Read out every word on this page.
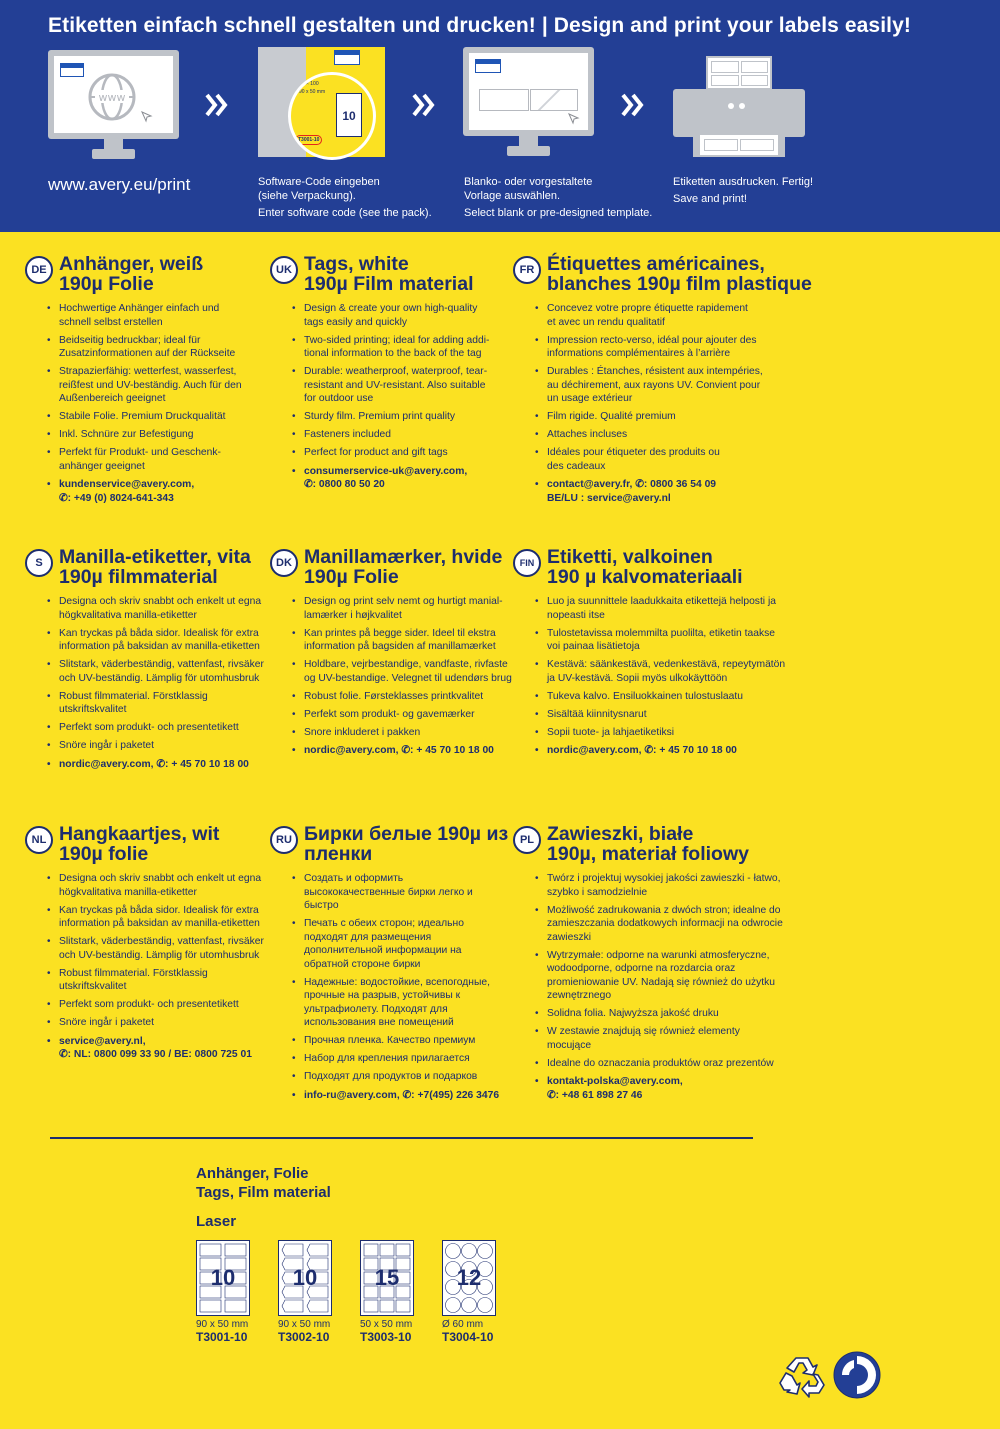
Etiketten einfach schnell gestalten und drucken! | Design and print your labels easily!
www
www.avery.eu/print
10 × 100
90 x 50 mm
10
T3001-10
Software-Code eingeben
(siehe Verpackung).
Enter software code (see the pack).
Blanko- oder vorgestaltete
Vorlage auswählen.
Select blank or pre-designed template.
Etiketten ausdrucken. Fertig!
Save and print!
DE Anhänger, weiß
190µ Folie
• Hochwertige Anhänger einfach und
schnell selbst erstellen
• Beidseitig bedruckbar; ideal für
Zusatzinformationen auf der Rückseite
• Strapazierfähig: wetterfest, wasserfest,
reißfest und UV-beständig. Auch für den
Außenbereich geeignet
• Stabile Folie. Premium Druckqualität
• Inkl. Schnüre zur Befestigung
• Perfekt für Produkt- und Geschenk-
anhänger geeignet
• kundenservice@avery.com,
✆: +49 (0) 8024-641-343
UK Tags, white
190µ Film material
• Design & create your own high-quality
tags easily and quickly
• Two-sided printing; ideal for adding addi-
tional information to the back of the tag
• Durable: weatherproof, waterproof, tear-
resistant and UV-resistant. Also suitable
for outdoor use
• Sturdy film. Premium print quality
• Fasteners included
• Perfect for product and gift tags
• consumerservice-uk@avery.com,
✆: 0800 80 50 20
FR Étiquettes américaines,
blanches 190µ film plastique
• Concevez votre propre étiquette rapidement
et avec un rendu qualitatif
• Impression recto-verso, idéal pour ajouter des
informations complémentaires à l’arrière
• Durables : Étanches, résistent aux intempéries,
au déchirement, aux rayons UV. Convient pour
un usage extérieur
• Film rigide. Qualité premium
• Attaches incluses
• Idéales pour étiqueter des produits ou
des cadeaux
• contact@avery.fr, ✆: 0800 36 54 09
BE/LU : service@avery.nl
S Manilla-etiketter, vita
190µ filmmaterial
• Designa och skriv snabbt och enkelt ut egna
högkvalitativa manilla-etiketter
• Kan tryckas på båda sidor. Idealisk för extra
information på baksidan av manilla-etiketten
• Slitstark, väderbeständig, vattenfast, rivsäker
och UV-beständig. Lämplig för utomhusbruk
• Robust filmmaterial. Förstklassig
utskriftskvalitet
• Perfekt som produkt- och presentetikett
• Snöre ingår i paketet
• nordic@avery.com, ✆: + 45 70 10 18 00
DK Manillamærker, hvide
190µ Folie
• Design og print selv nemt og hurtigt manial-
lamærker i højkvalitet
• Kan printes på begge sider. Ideel til ekstra
information på bagsiden af manillamærket
• Holdbare, vejrbestandige, vandfaste, rivfaste
og UV-bestandige. Velegnet til udendørs brug
• Robust folie. Førsteklasses printkvalitet
• Perfekt som produkt- og gavemærker
• Snore inkluderet i pakken
• nordic@avery.com, ✆: + 45 70 10 18 00
FIN Etiketti, valkoinen
190 µ kalvomateriaali
• Luo ja suunnittele laadukkaita etikettejä helposti ja
nopeasti itse
• Tulostetavissa molemmilta puolilta, etiketin taakse
voi painaa lisätietoja
• Kestävä: säänkestävä, vedenkestävä, repeytymätön
ja UV-kestävä. Sopii myös ulkokäyttöön
• Tukeva kalvo. Ensiluokkainen tulostuslaatu
• Sisältää kiinnitysnarut
• Sopii tuote- ja lahjaetiketiksi
• nordic@avery.com, ✆: + 45 70 10 18 00
NL Hangkaartjes, wit
190µ folie
• Designa och skriv snabbt och enkelt ut egna
högkvalitativa manilla-etiketter
• Kan tryckas på båda sidor. Idealisk för extra
information på baksidan av manilla-etiketten
• Slitstark, väderbeständig, vattenfast, rivsäker
och UV-beständig. Lämplig för utomhusbruk
• Robust filmmaterial. Förstklassig
utskriftskvalitet
• Perfekt som produkt- och presentetikett
• Snöre ingår i paketet
• service@avery.nl,
✆: NL: 0800 099 33 90 / BE: 0800 725 01
RU Бирки белые 190µ из
пленки
• Создать и оформить
высококачественные бирки легко и
быстро
• Печать с обеих сторон; идеально
подходят для размещения
дополнительной информации на
обратной стороне бирки
• Надежные: водостойкие, всепогодные,
прочные на разрыв, устойчивы к
ультрафиолету. Подходят для
использования вне помещений
• Прочная пленка. Качество премиум
• Набор для крепления прилагается
• Подходят для продуктов и подарков
• info-ru@avery.com, ✆: +7(495) 226 3476
PL Zawieszki, białe
190µ, materiał foliowy
• Twórz i projektuj wysokiej jakości zawieszki - łatwo,
szybko i samodzielnie
• Możliwość zadrukowania z dwóch stron; idealne do
zamieszczania dodatkowych informacji na odwrocie
zawieszki
• Wytrzymałe: odporne na warunki atmosferyczne,
wodoodporne, odporne na rozdarcia oraz
promieniowanie UV. Nadają się również do użytku
zewnętrznego
• Solidna folia. Najwyższa jakość druku
• W zestawie znajdują się również elementy
mocujące
• Idealne do oznaczania produktów oraz prezentów
• kontakt-polska@avery.com,
✆: +48 61 898 27 46
Anhänger, Folie
Tags, Film material
Laser
10
90 x 50 mm
T3001-10
10
90 x 50 mm
T3002-10
15
50 x 50 mm
T3003-10
12
Ø 60 mm
T3004-10
